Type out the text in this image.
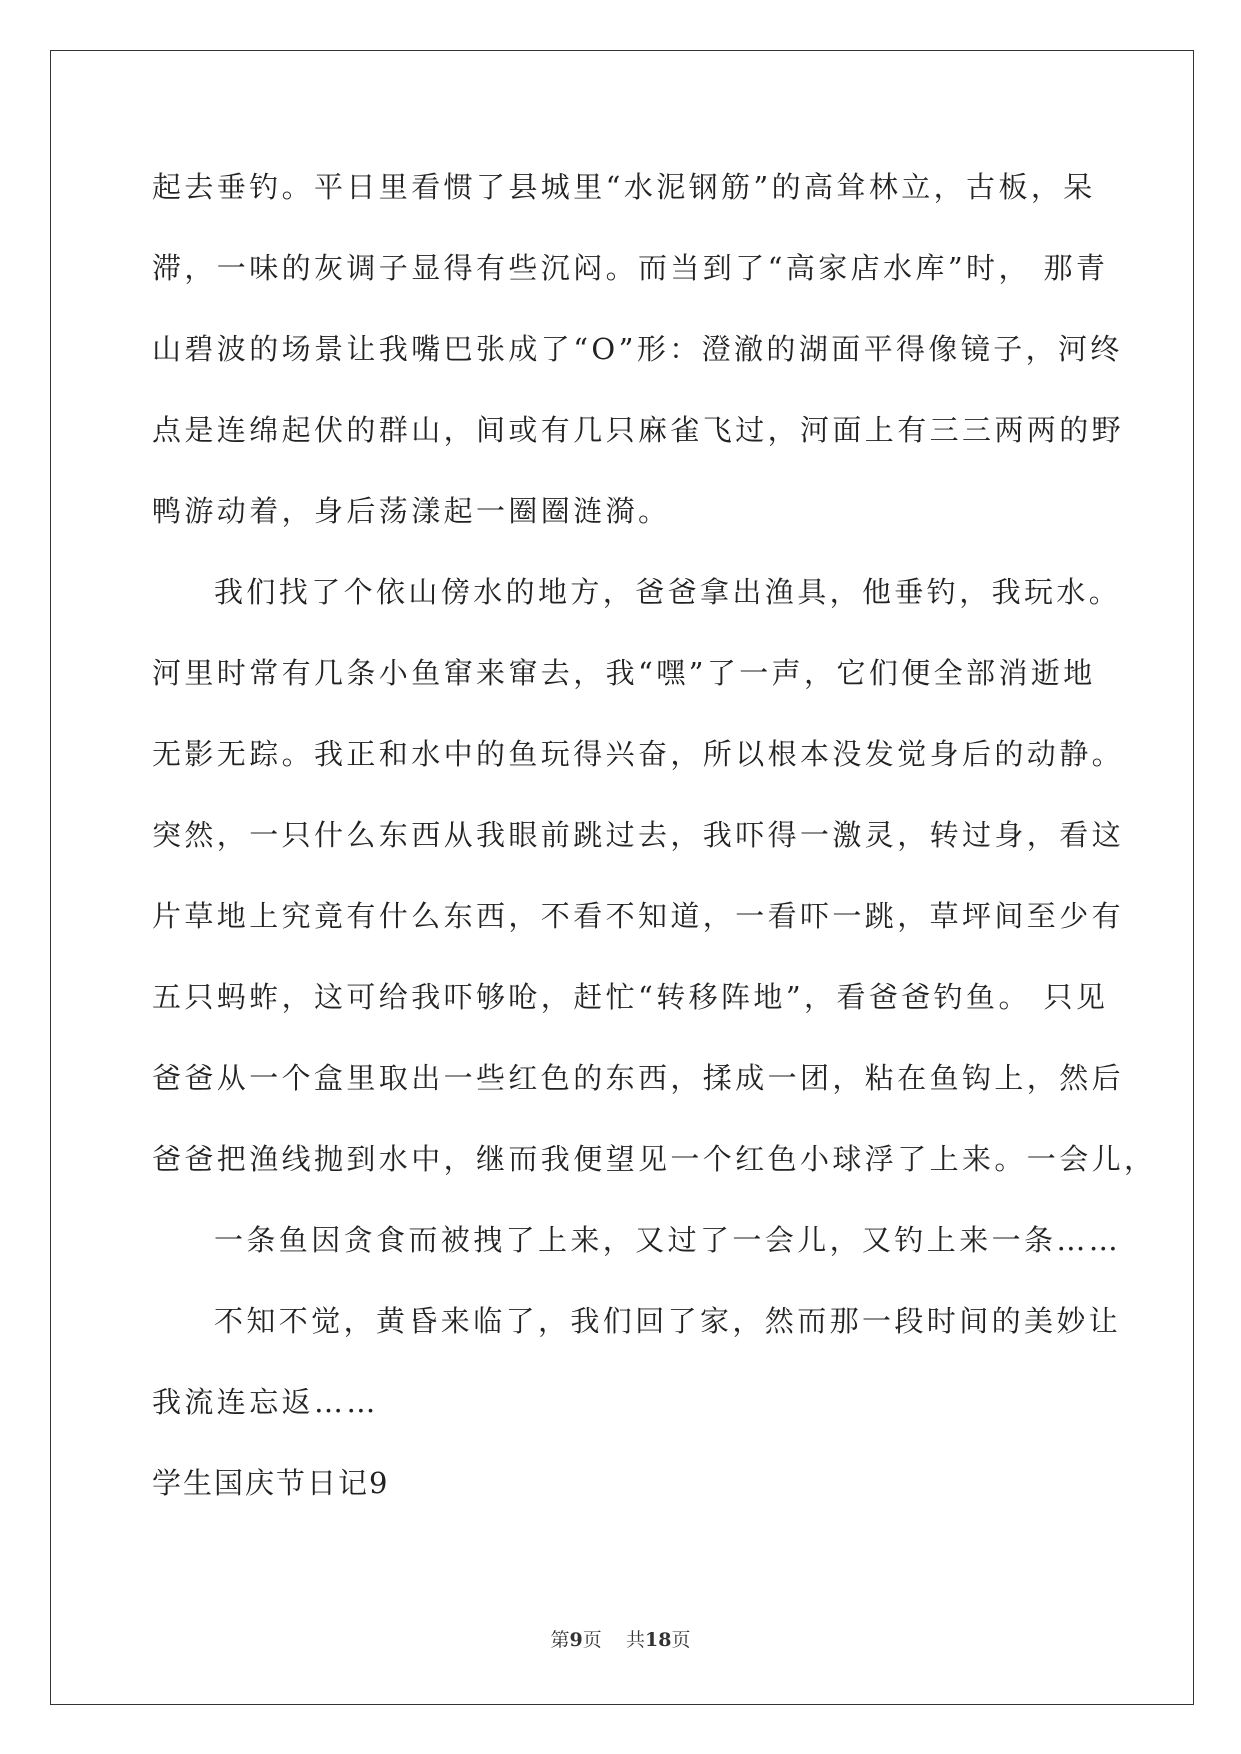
起去垂钓。平日里看惯了县城里“水泥钢筋”的高耸林立，古板，呆
滞，一味的灰调子显得有些沉闷。而当到了“高家店水库”时， 那青
山碧波的场景让我嘴巴张成了“O”形：澄澈的湖面平得像镜子，河终
点是连绵起伏的群山，间或有几只麻雀飞过，河面上有三三两两的野
鸭游动着，身后荡漾起一圈圈涟漪。
我们找了个依山傍水的地方，爸爸拿出渔具，他垂钓，我玩水。
河里时常有几条小鱼窜来窜去，我“嘿”了一声，它们便全部消逝地
无影无踪。我正和水中的鱼玩得兴奋，所以根本没发觉身后的动静。
突然，一只什么东西从我眼前跳过去，我吓得一激灵，转过身，看这
片草地上究竟有什么东西，不看不知道，一看吓一跳，草坪间至少有
五只蚂蚱，这可给我吓够呛，赶忙“转移阵地”，看爸爸钓鱼。 只见
爸爸从一个盒里取出一些红色的东西，揉成一团，粘在鱼钩上，然后
爸爸把渔线抛到水中，继而我便望见一个红色小球浮了上来。一会儿，
一条鱼因贪食而被拽了上来，又过了一会儿，又钓上来一条……
不知不觉，黄昏来临了，我们回了家，然而那一段时间的美妙让
我流连忘返……
学生国庆节日记9
第9页 共18页
